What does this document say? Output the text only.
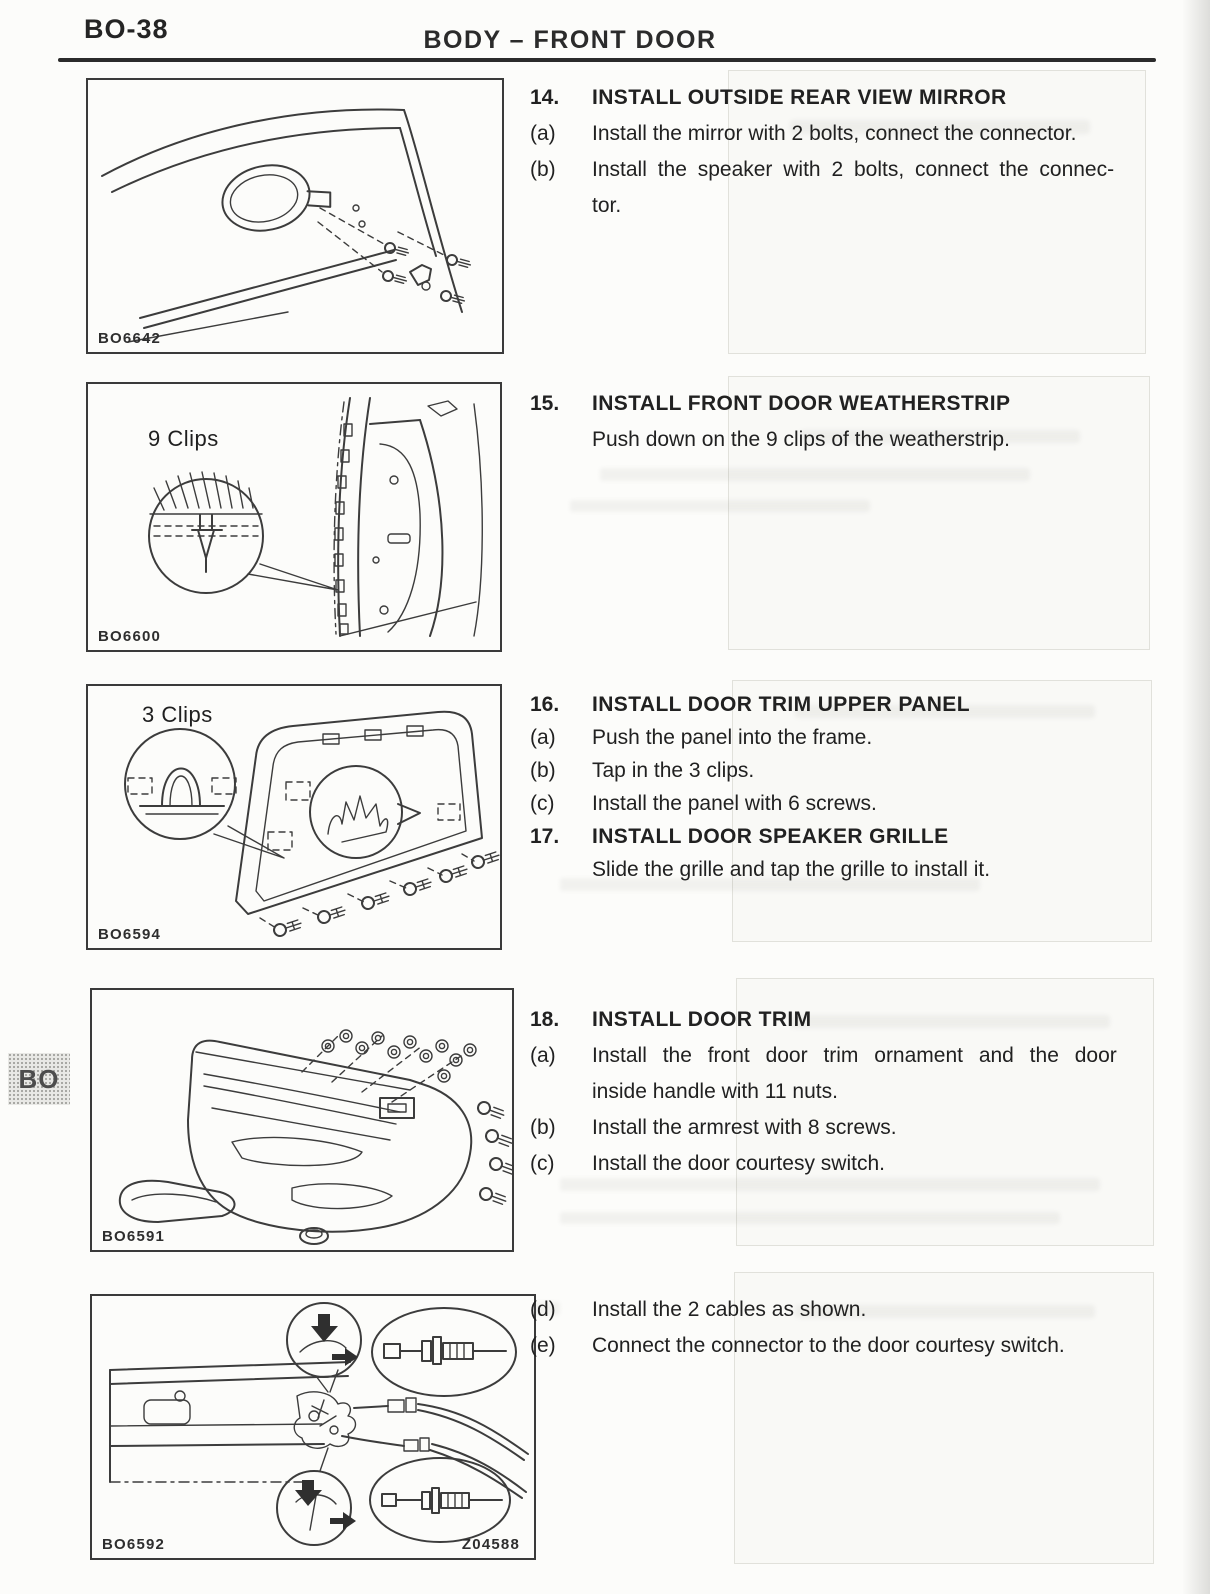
BO-38	BODY – FRONT DOOR
BO6642
9 Clips
BO6600
3 Clips
BO6594
BO6591
BO6592	Z04588
14.	INSTALL OUTSIDE REAR VIEW MIRROR
(a)	Install the mirror with 2 bolts, connect the connector.
(b)	Install the speaker with 2 bolts, connect the connec-
tor.
15.	INSTALL FRONT DOOR WEATHERSTRIP
Push down on the 9 clips of the weatherstrip.
16.	INSTALL DOOR TRIM UPPER PANEL
(a)	Push the panel into the frame.
(b)	Tap in the 3 clips.
(c)	Install the panel with 6 screws.
17.	INSTALL DOOR SPEAKER GRILLE
Slide the grille and tap the grille to install it.
18.	INSTALL DOOR TRIM
(a)	Install the front door trim ornament and the door
inside handle with 11 nuts.
(b)	Install the armrest with 8 screws.
(c)	Install the door courtesy switch.
(d)	Install the 2 cables as shown.
(e)	Connect the connector to the door courtesy switch.
BO
